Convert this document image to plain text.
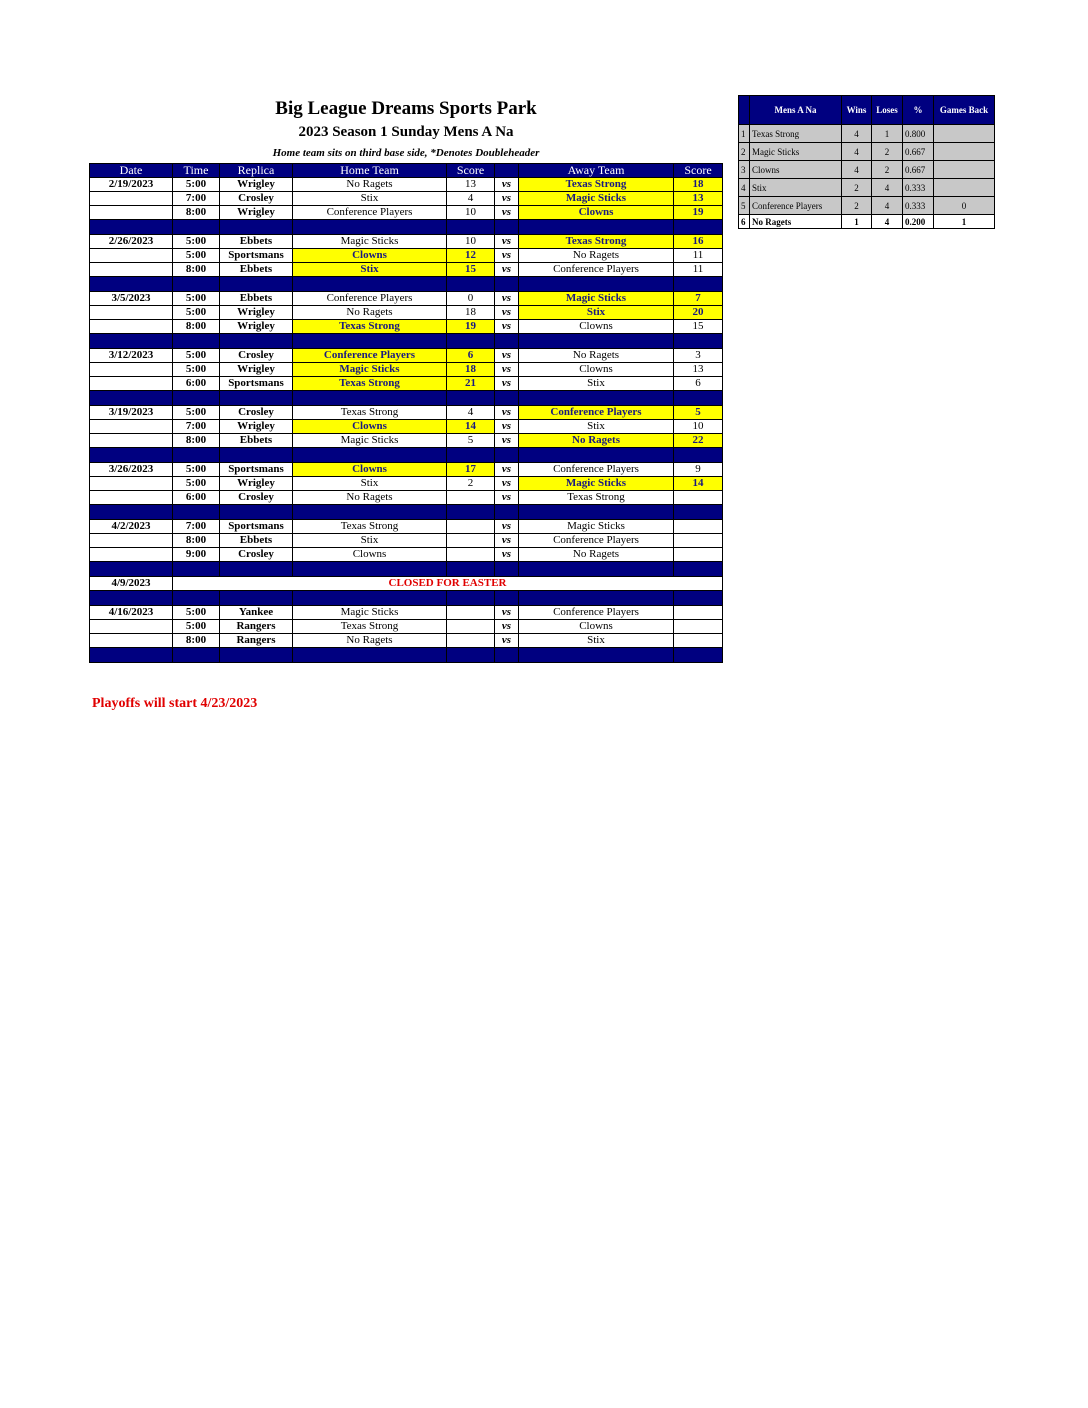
Big League Dreams Sports Park
2023 Season 1 Sunday Mens A Na
Home team sits on third base side, *Denotes Doubleheader
Date	Time	Replica	Home Team	Score		Away Team	Score
2/19/2023	5:00	Wrigley	No Ragets	13	vs	Texas Strong	18
	7:00	Crosley	Stix	4	vs	Magic Sticks	13
	8:00	Wrigley	Conference Players	10	vs	Clowns	19

2/26/2023	5:00	Ebbets	Magic Sticks	10	vs	Texas Strong	16
	5:00	Sportsmans	Clowns	12	vs	No Ragets	11
	8:00	Ebbets	Stix	15	vs	Conference Players	11

3/5/2023	5:00	Ebbets	Conference Players	0	vs	Magic Sticks	7
	5:00	Wrigley	No Ragets	18	vs	Stix	20
	8:00	Wrigley	Texas Strong	19	vs	Clowns	15

3/12/2023	5:00	Crosley	Conference Players	6	vs	No Ragets	3
	5:00	Wrigley	Magic Sticks	18	vs	Clowns	13
	6:00	Sportsmans	Texas Strong	21	vs	Stix	6

3/19/2023	5:00	Crosley	Texas Strong	4	vs	Conference Players	5
	7:00	Wrigley	Clowns	14	vs	Stix	10
	8:00	Ebbets	Magic Sticks	5	vs	No Ragets	22

3/26/2023	5:00	Sportsmans	Clowns	17	vs	Conference Players	9
	5:00	Wrigley	Stix	2	vs	Magic Sticks	14
	6:00	Crosley	No Ragets		vs	Texas Strong	

4/2/2023	7:00	Sportsmans	Texas Strong		vs	Magic Sticks	
	8:00	Ebbets	Stix		vs	Conference Players	
	9:00	Crosley	Clowns		vs	No Ragets	

4/9/2023	CLOSED FOR EASTER						

4/16/2023	5:00	Yankee	Magic Sticks		vs	Conference Players	
	5:00	Rangers	Texas Strong		vs	Clowns	
	8:00	Rangers	No Ragets		vs	Stix	

Playoffs will start 4/23/2023
	Mens A Na	Wins	Loses	%	Games Back
1	Texas Strong	4	1	0.800	
2	Magic Sticks	4	2	0.667	
3	Clowns	4	2	0.667	
4	Stix	2	4	0.333	
5	Conference Players	2	4	0.333	0
6	No Ragets	1	4	0.200	1
